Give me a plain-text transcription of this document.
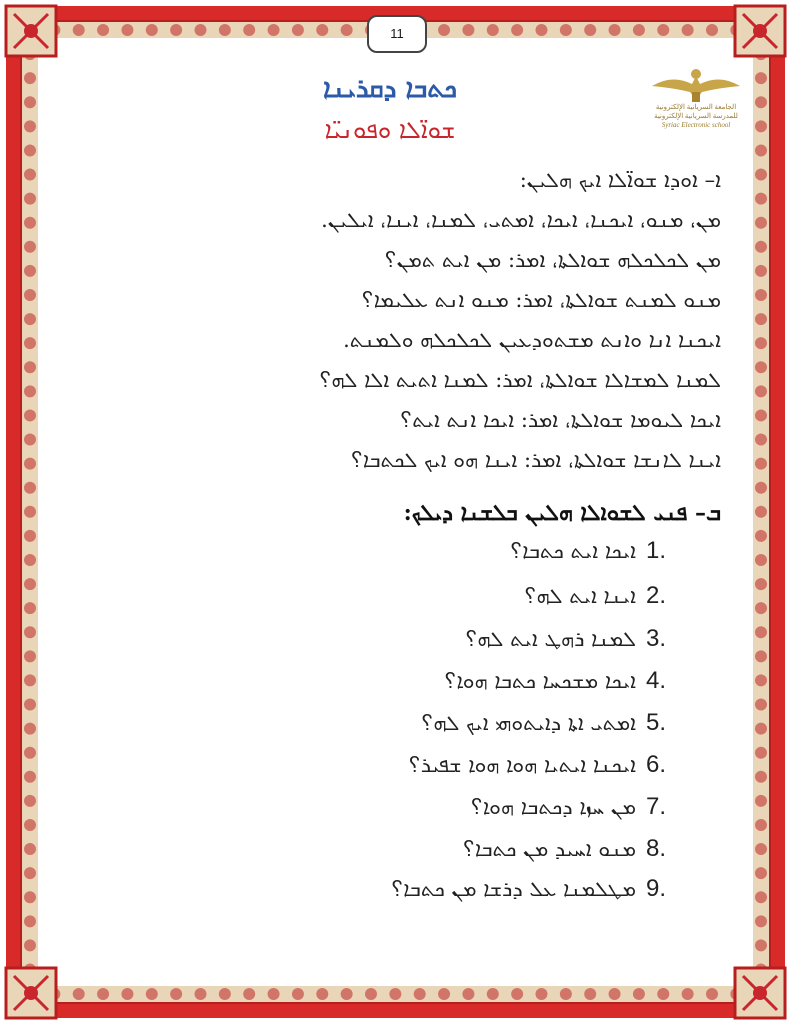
11
الجامعة السريانية الإلكترونية
للمدرسة السريانية الإلكترونية
Syriac Electronic school
ܟܬܒܐ ܕܩܪܝܢܐ
ܫܘܐ̈ܠܐ ܘܦܘܢܝ̈ܐ
ܐ– ܐܘܕܐ ܫܘܐ̈ܠܐ ܐܝܟ ܗܠܝܢ:
ܡܢ، ܡܢܘ، ܐܝܟܢܐ، ܐܝܟܐ، ܐܡܬܝ، ܠܡܢܐ، ܐܝܢܐ، ܐܝܠܝܢ.
ܡܢ ܠܟܠܟܠܗ ܫܘܐܠܬܐ، ܐܡܪ: ܡܢ ܐܝܬ ܬܡܢ؟
ܡܢܘ ܠܡܢܬ ܫܘܐܠܬܐ، ܐܡܪ: ܡܢܘ ܐܢܬ ܥܠܝܡܐ؟
ܐܝܟܢܐ ܐܢܐ ܘܐܢܬ ܡܫܬܘܕܥܝܢ ܠܟܠܟܠܗ ܘܠܡܢܬ.
ܠܡܢܐ ܠܡܫܐܠܐ ܫܘܐܠܬܐ، ܐܡܪ: ܠܡܢܐ ܐܬܝܬ ܐܠܐ ܠܗ؟
ܐܝܟܐ ܠܝܘܡܐ ܫܘܐܠܬܐ، ܐܡܪ: ܐܝܟܐ ܐܢܬ ܐܝܬ؟
ܐܝܢܐ ܠܐܢܫܐ ܫܘܐܠܬܐ، ܐܡܪ: ܐܝܢܐ ܗܘ ܐܝܟ ܠܟܬܒܐ؟
ܒ– ܦܢܝ ܠܫܘܐܠܐ ܗܠܝܢ ܒܠܫܢܐ ܕܝܠܟ:
1.
ܐܝܟܐ ܐܝܬ ܟܬܒܐ؟
2.
ܐܝܢܐ ܐܝܬ ܠܗ؟
3.
ܠܡܢܐ ܪܗܛ ܐܝܬ ܠܗ؟
4.
ܐܝܟܐ ܡܫܟܚܐ ܟܬܒܐ ܗܘܐ؟
5.
ܐܡܬܝ ܐܬܐ ܕܐܝܬܘܗܝ ܐܝܟ ܠܗ؟
6.
ܐܝܟܢܐ ܐܝܬܝܐ ܗܘܐ ܗܘܐ ܫܦܝܪ؟
7.
ܡܢ ܚܙܐ ܕܟܬܒܐ ܗܘܐ؟
8.
ܡܢܘ ܐܚܝܕ ܡܢ ܟܬܒܐ؟
9.
ܡܛܠܡܢܐ ܥܠ ܕܪܫܐ ܡܢ ܟܬܒܐ؟
